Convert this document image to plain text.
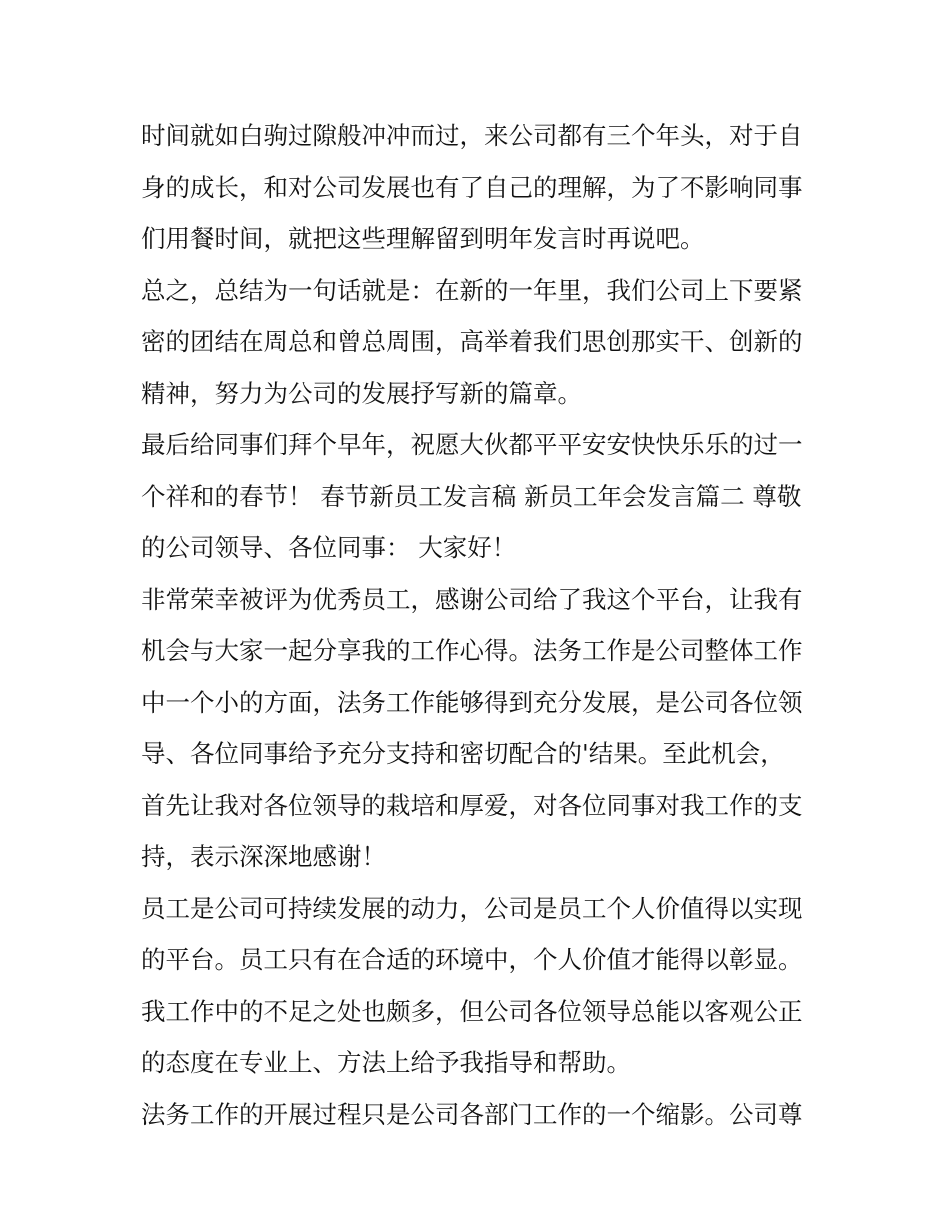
时间就如白驹过隙般冲冲而过，来公司都有三个年头，对于自
身的成长，和对公司发展也有了自己的理解，为了不影响同事
们用餐时间，就把这些理解留到明年发言时再说吧。
总之，总结为一句话就是：在新的一年里，我们公司上下要紧
密的团结在周总和曾总周围，高举着我们思创那实干、创新的
精神，努力为公司的发展抒写新的篇章。
最后给同事们拜个早年，祝愿大伙都平平安安快快乐乐的过一
个祥和的春节！ 春节新员工发言稿 新员工年会发言篇二 尊敬
的公司领导、各位同事： 大家好！
非常荣幸被评为优秀员工，感谢公司给了我这个平台，让我有
机会与大家一起分享我的工作心得。法务工作是公司整体工作
中一个小的方面，法务工作能够得到充分发展，是公司各位领
导、各位同事给予充分支持和密切配合的'结果。至此机会，
首先让我对各位领导的栽培和厚爱，对各位同事对我工作的支
持，表示深深地感谢！
员工是公司可持续发展的动力，公司是员工个人价值得以实现
的平台。员工只有在合适的环境中，个人价值才能得以彰显。
我工作中的不足之处也颇多，但公司各位领导总能以客观公正
的态度在专业上、方法上给予我指导和帮助。
法务工作的开展过程只是公司各部门工作的一个缩影。公司尊
